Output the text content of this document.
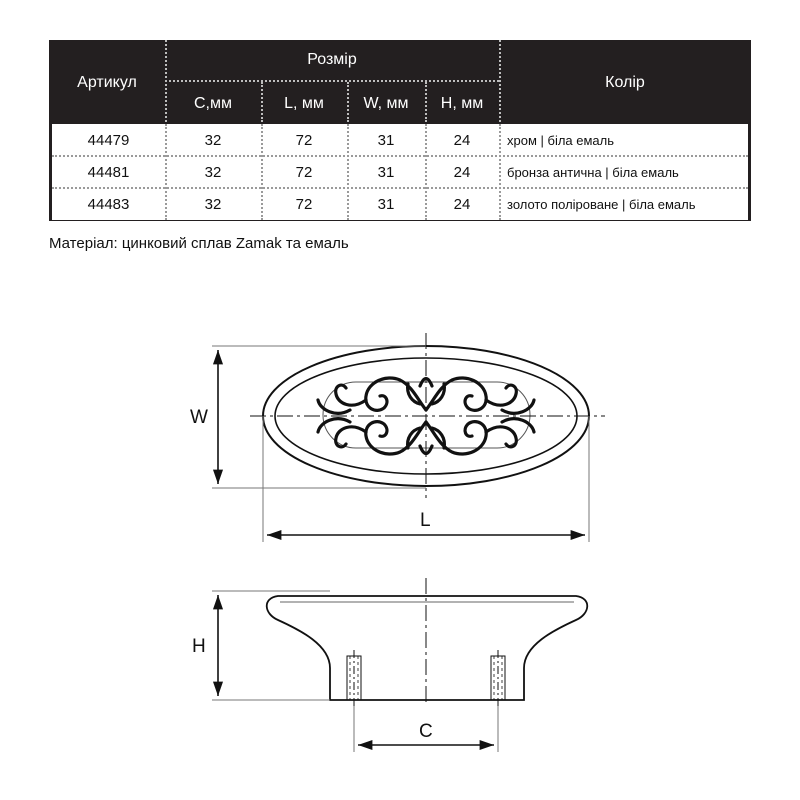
Артикул
Розмір
Колір
C,мм	L, мм	W, мм	H, мм
44479	32	72	31	24	хром | біла емаль
44481	32	72	31	24	бронза антична | біла емаль
44483	32	72	31	24	золото поліроване | біла емаль
Матеріал: цинковий сплав Zamak та емаль
W
L
H
C
